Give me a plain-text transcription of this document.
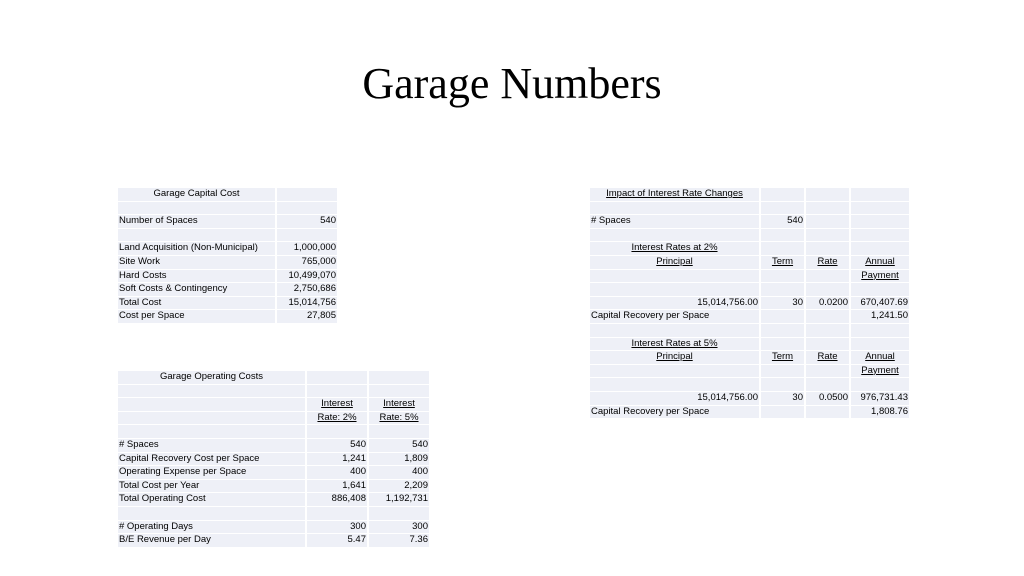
Garage Numbers
Garage Capital Cost	

Number of Spaces	540

Land Acquisition (Non-Municipal)	1,000,000
Site Work	765,000
Hard Costs	10,499,070
Soft Costs & Contingency	2,750,686
Total Cost	15,014,756
Cost per Space	27,805
Garage Operating Costs		

	Interest	Interest
	Rate: 2%	Rate: 5%

# Spaces	540	540
Capital Recovery Cost per Space	1,241	1,809
Operating Expense per Space	400	400
Total Cost per Year	1,641	2,209
Total Operating Cost	886,408	1,192,731

# Operating Days	300	300
B/E Revenue per Day	5.47	7.36
Impact of Interest Rate Changes			

# Spaces	540		

Interest Rates at 2%			
Principal	Term	Rate	Annual
			Payment

15,014,756.00	30	0.0200	670,407.69
Capital Recovery per Space			1,241.50

Interest Rates at 5%			
Principal	Term	Rate	Annual
			Payment

15,014,756.00	30	0.0500	976,731.43
Capital Recovery per Space			1,808.76
